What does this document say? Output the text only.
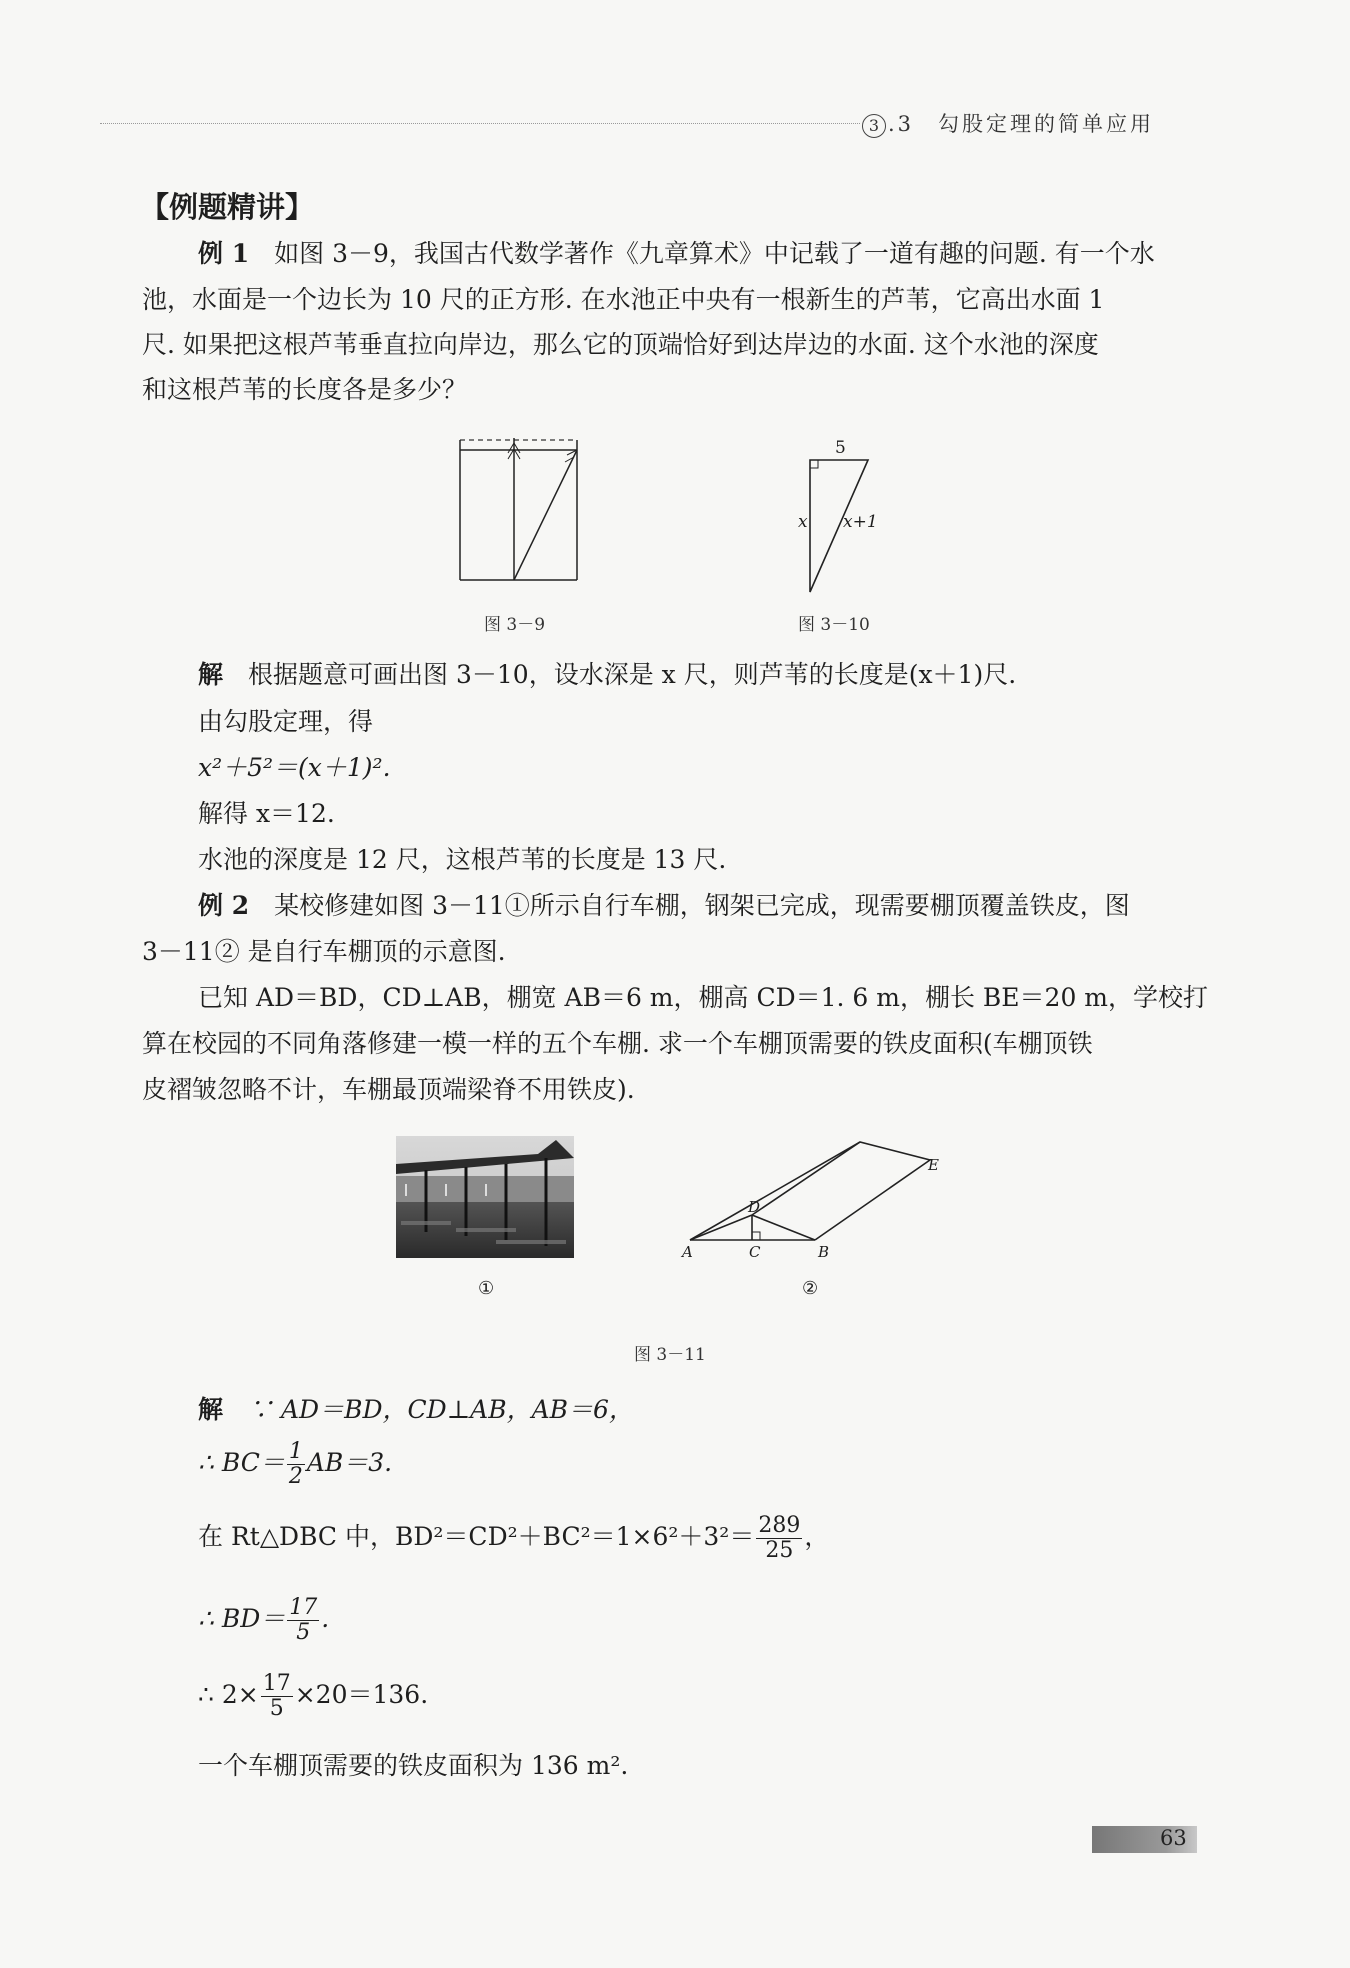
3 .3　勾股定理的简单应用
【例题精讲】
例 1　 如图 3－9，我国古代数学著作《九章算术》中记载了一道有趣的问题. 有一个水
池，水面是一个边长为 10 尺的正方形. 在水池正中央有一根新生的芦苇，它高出水面 1
尺. 如果把这根芦苇垂直拉向岸边，那么它的顶端恰好到达岸边的水面. 这个水池的深度
和这根芦苇的长度各是多少？
图 3－9
5
x x+1
图 3－10
解　 根据题意可画出图 3－10，设水深是 x 尺，则芦苇的长度是(x＋1)尺.
由勾股定理，得
x²＋5²＝(x＋1)².
解得 x＝12.
水池的深度是 12 尺，这根芦苇的长度是 13 尺.
例 2　 某校修建如图 3－11①所示自行车棚，钢架已完成，现需要棚顶覆盖铁皮，图
3－11② 是自行车棚顶的示意图.
已知 AD＝BD，CD⊥AB，棚宽 AB＝6 m，棚高 CD＝1. 6 m，棚长 BE＝20 m，学校打
算在校园的不同角落修建一模一样的五个车棚. 求一个车棚顶需要的铁皮面积(车棚顶铁
皮褶皱忽略不计，车棚最顶端梁脊不用铁皮).
①
A	C	B
D
E
②
图 3－11
解　 ∵ AD＝BD，CD⊥AB，AB＝6，
∴ $BC= \frac{1}{2} AB=3$.
在 Rt△DBC 中，$BD^2=CD^2+BC^2=1\times 6^2+3^2= \frac{289}{25}$ ，
∴ $BD= \frac{17}{5}$ .
∴ $2\times \frac{17}{5} \times 20=136$.
一个车棚顶需要的铁皮面积为 136 m².
63
